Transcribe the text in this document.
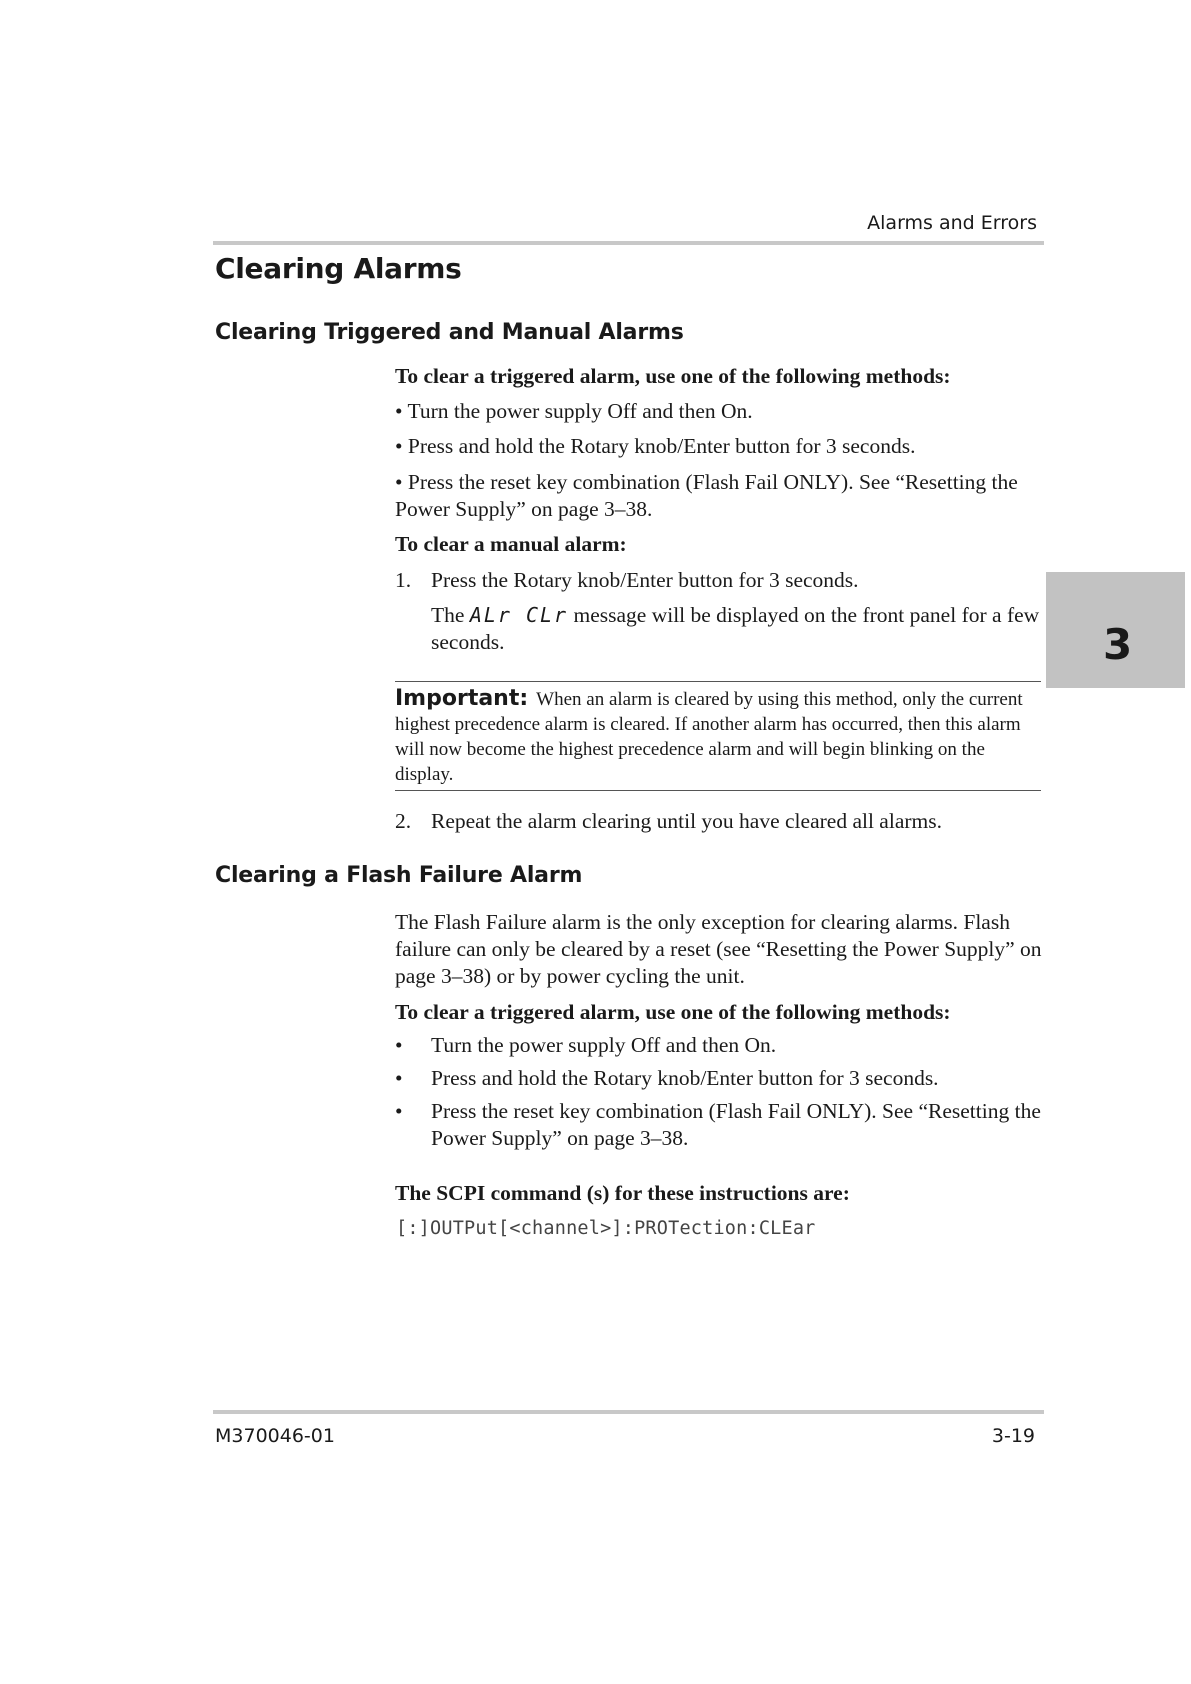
Alarms and Errors
Clearing Alarms
Clearing Triggered and Manual Alarms

To clear a triggered alarm, use one of the following methods:

• Turn the power supply Off and then On.

• Press and hold the Rotary knob/Enter button for 3 seconds.

• Press the reset key combination (Flash Fail ONLY). See “Resetting the Power Supply” on page 3–38.

To clear a manual alarm:

1. Press the Rotary knob/Enter button for 3 seconds.

The ALr CLr message will be displayed on the front panel for a few seconds.

Important: When an alarm is cleared by using this method, only the current highest precedence alarm is cleared. If another alarm has occurred, then this alarm will now become the highest precedence alarm and will begin blinking on the display.
2. Repeat the alarm clearing until you have cleared all alarms.

Clearing a Flash Failure Alarm

The Flash Failure alarm is the only exception for clearing alarms. Flash failure can only be cleared by a reset (see “Resetting the Power Supply” on page 3–38) or by power cycling the unit.

To clear a triggered alarm, use one of the following methods:

• Turn the power supply Off and then On.

• Press and hold the Rotary knob/Enter button for 3 seconds.

• Press the reset key combination (Flash Fail ONLY). See “Resetting the Power Supply” on page 3–38.

The SCPI command (s) for these instructions are:

[:]OUTPut[<channel>]:PROTection:CLEar
3
M370046-01	3-19
